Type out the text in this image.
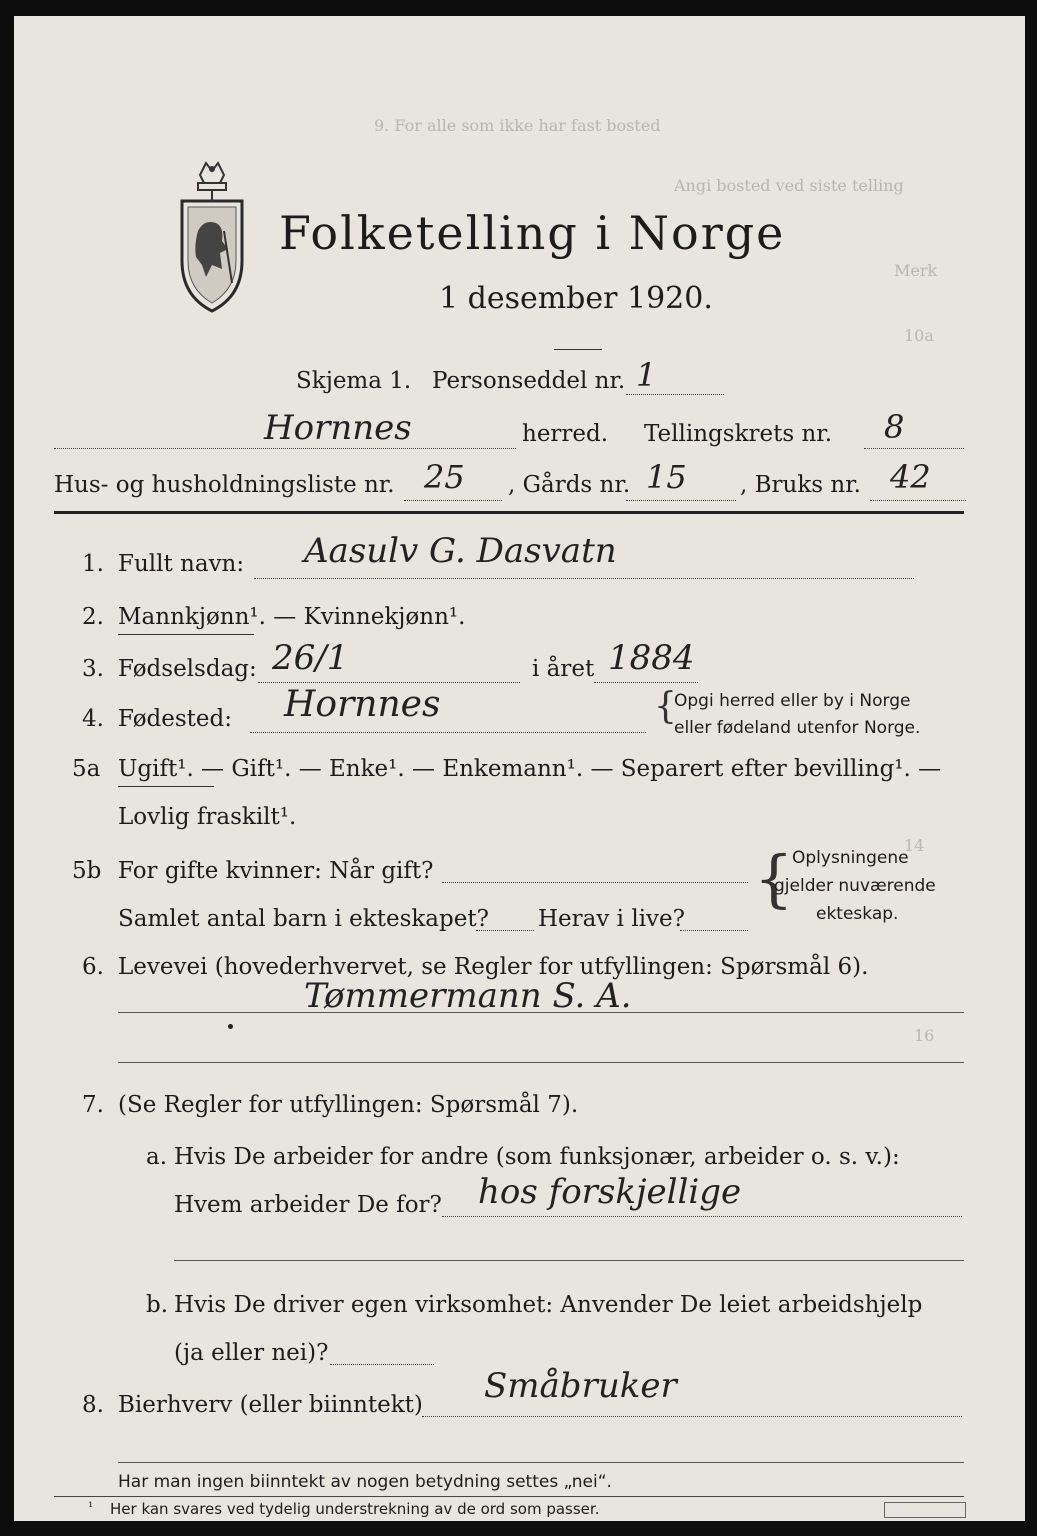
9. For alle som ikke har fast bosted
Angi bosted ved siste telling
Merk
10a
14
16
Folketelling i Norge
1 desember 1920.
Skjema 1. Personseddel nr. 1
Hornnes	herred. Tellingskrets nr. 8
Hus- og husholdningsliste nr. 25 , Gårds nr. 15 , Bruks nr. 42
1. Fullt navn: Aasulv G. Dasvatn
2. Mannkjønn¹. — Kvinnekjønn¹.
3. Fødselsdag: 26/1	i året 1884
4. Fødested: Hornnes	{
Opgi herred eller by i Norge
eller fødeland utenfor Norge.
5a Ugift¹. — Gift¹. — Enke¹. — Enkemann¹. — Separert efter bevilling¹. —
Lovlig fraskilt¹.
5b For gifte kvinner: Når gift?
Samlet antal barn i ekteskapet? Herav i live?
{
Oplysningene
gjelder nuværende
ekteskap.
6. Levevei (hovederhvervet, se Regler for utfyllingen: Spørsmål 6).
Tømmermann S. A.
7. (Se Regler for utfyllingen: Spørsmål 7).
a. Hvis De arbeider for andre (som funksjonær, arbeider o. s. v.):
Hvem arbeider De for? hos forskjellige
b. Hvis De driver egen virksomhet: Anvender De leiet arbeidshjelp
(ja eller nei)?
8. Bierhverv (eller biinntekt) Småbruker
Har man ingen biinntekt av nogen betydning settes „nei“.
¹ Her kan svares ved tydelig understrekning av de ord som passer.
